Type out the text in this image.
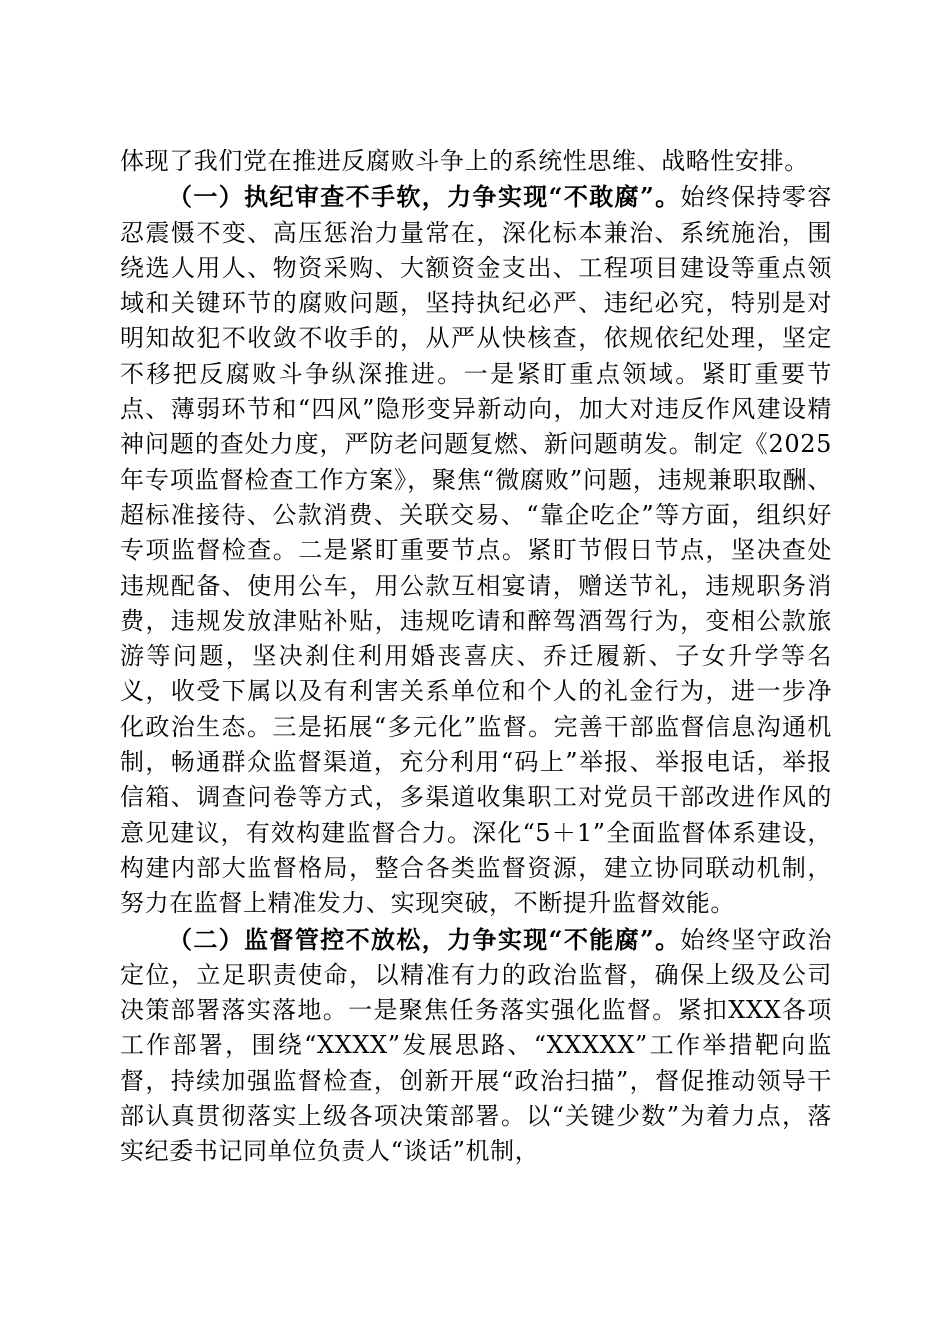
体现了我们党在推进反腐败斗争上的系统性思维、战略性安排。

（一）执纪审查不手软，力争实现“不敢腐”。始终保持零容忍震慑不变、高压惩治力量常在，深化标本兼治、系统施治，围绕选人用人、物资采购、大额资金支出、工程项目建设等重点领域和关键环节的腐败问题，坚持执纪必严、违纪必究，特别是对明知故犯不收敛不收手的，从严从快核查，依规依纪处理，坚定不移把反腐败斗争纵深推进。一是紧盯重点领域。紧盯重要节点、薄弱环节和“四风”隐形变异新动向，加大对违反作风建设精神问题的查处力度，严防老问题复燃、新问题萌发。制定《2025年专项监督检查工作方案》，聚焦“微腐败”问题，违规兼职取酬、超标准接待、公款消费、关联交易、“靠企吃企”等方面，组织好专项监督检查。二是紧盯重要节点。紧盯节假日节点，坚决查处违规配备、使用公车，用公款互相宴请，赠送节礼，违规职务消费，违规发放津贴补贴，违规吃请和醉驾酒驾行为，变相公款旅游等问题，坚决刹住利用婚丧喜庆、乔迁履新、子女升学等名义，收受下属以及有利害关系单位和个人的礼金行为，进一步净化政治生态。三是拓展“多元化”监督。完善干部监督信息沟通机制，畅通群众监督渠道，充分利用“码上”举报、举报电话，举报信箱、调查问卷等方式，多渠道收集职工对党员干部改进作风的意见建议，有效构建监督合力。深化“5＋1”全面监督体系建设，构建内部大监督格局，整合各类监督资源，建立协同联动机制，努力在监督上精准发力、实现突破，不断提升监督效能。

（二）监督管控不放松，力争实现“不能腐”。始终坚守政治定位，立足职责使命，以精准有力的政治监督，确保上级及公司决策部署落实落地。一是聚焦任务落实强化监督。紧扣XXX各项工作部署，围绕“XXXX”发展思路、“XXXXX”工作举措靶向监督，持续加强监督检查，创新开展“政治扫描”，督促推动领导干部认真贯彻落实上级各项决策部署。以“关键少数”为着力点，落实纪委书记同单位负责人“谈话”机制，
